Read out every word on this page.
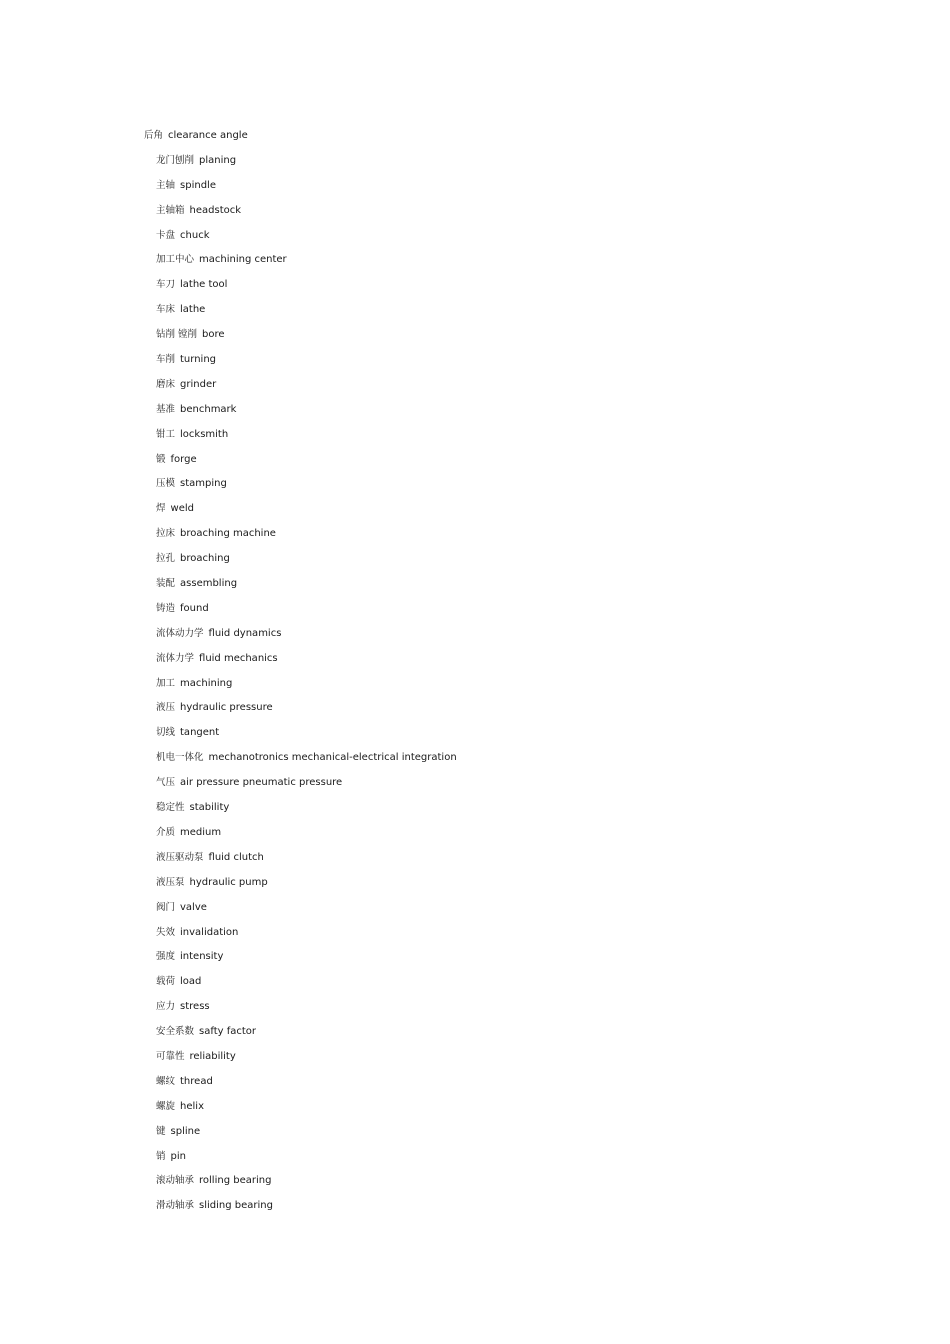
后角 clearance angle
龙门刨削 planing
主轴 spindle
主轴箱 headstock
卡盘 chuck
加工中心 machining center
车刀 lathe tool
车床 lathe
钻削 镗削 bore
车削 turning
磨床 grinder
基准 benchmark
钳工 locksmith
锻 forge
压模 stamping
焊 weld
拉床 broaching machine
拉孔 broaching
装配 assembling
铸造 found
流体动力学 fluid dynamics
流体力学 fluid mechanics
加工 machining
液压 hydraulic pressure
切线 tangent
机电一体化 mechanotronics mechanical-electrical integration
气压 air pressure pneumatic pressure
稳定性 stability
介质 medium
液压驱动泵 fluid clutch
液压泵 hydraulic pump
阀门 valve
失效 invalidation
强度 intensity
载荷 load
应力 stress
安全系数 safty factor
可靠性 reliability
螺纹 thread
螺旋 helix
键 spline
销 pin
滚动轴承 rolling bearing
滑动轴承 sliding bearing
